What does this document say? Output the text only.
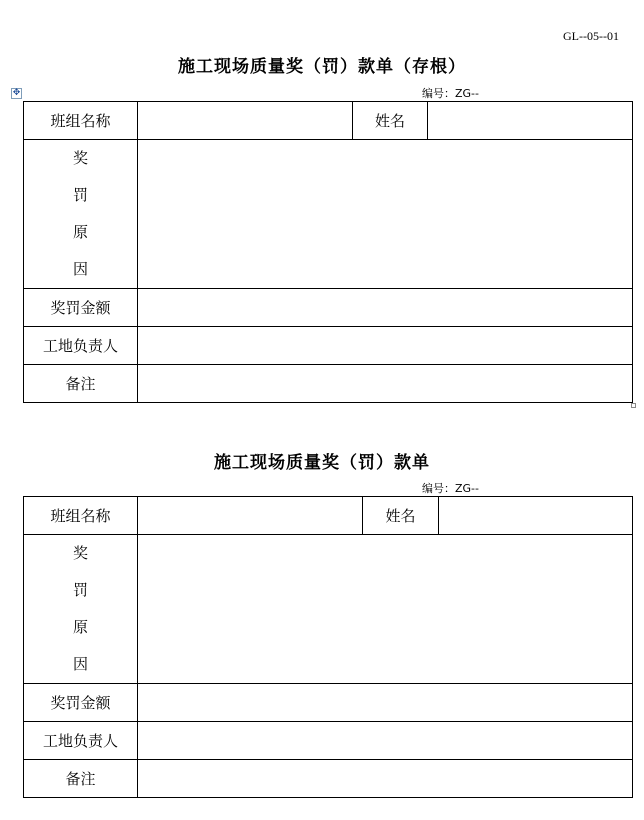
GL--05--01
施工现场质量奖（罚）款单（存根）
✥	编号：ZG--
班组名称		姓名	

奖
罚
原
因			

奖罚金额			
工地负责人			
备注			
施工现场质量奖（罚）款单
编号：ZG--
班组名称		姓名	

奖
罚
原
因			

奖罚金额			
工地负责人			
备注			
